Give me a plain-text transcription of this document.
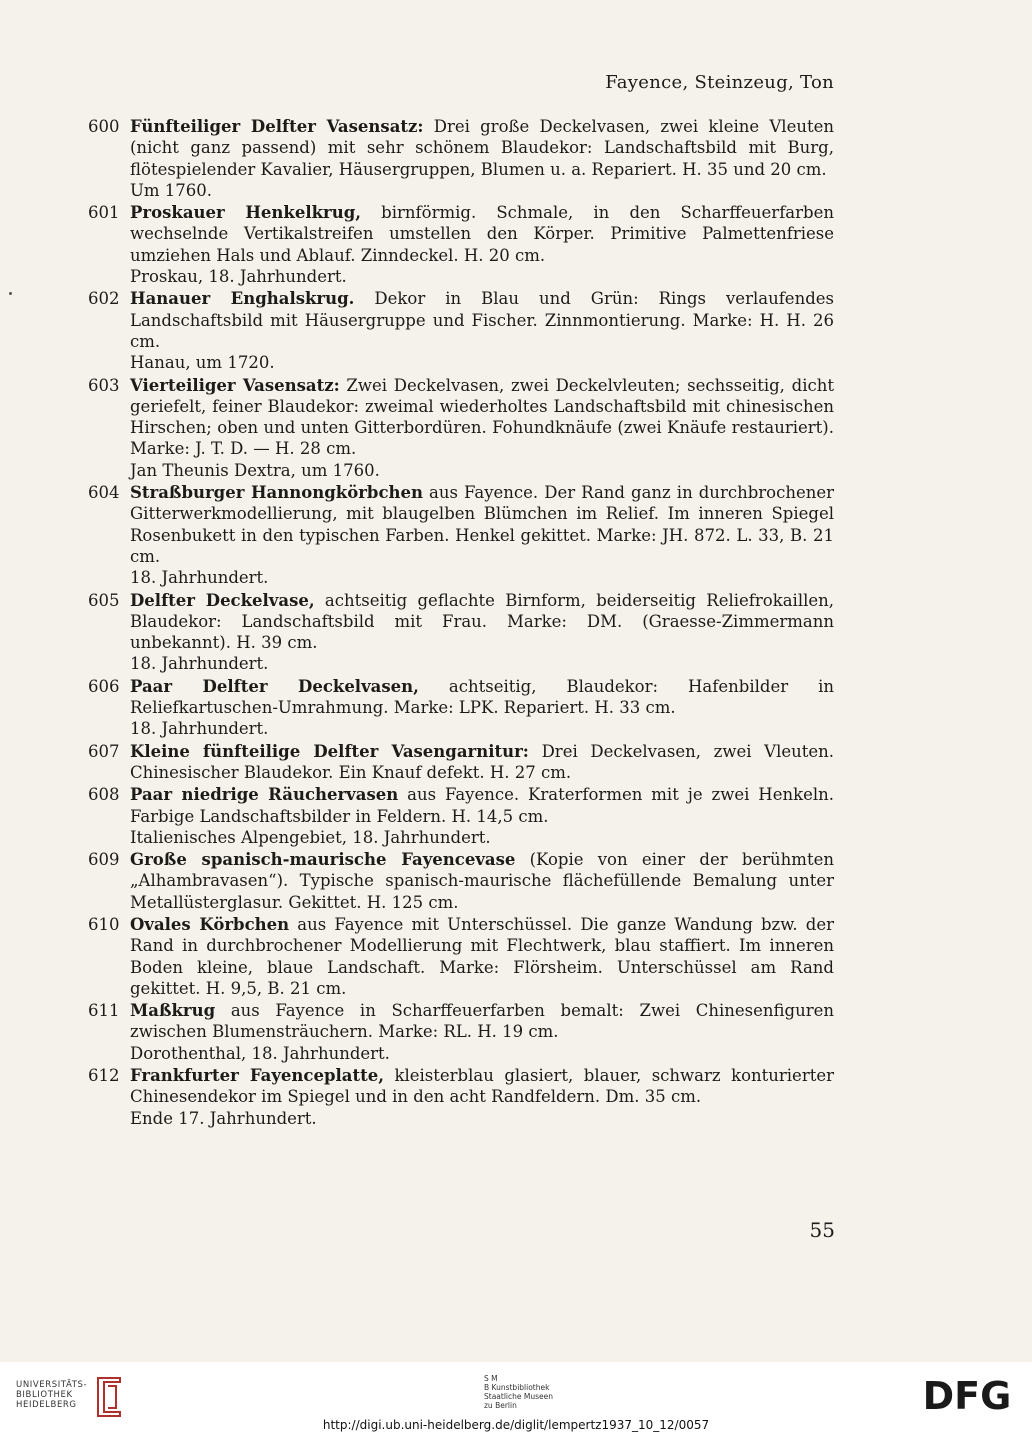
Fayence, Steinzeug, Ton
600 Fünfteiliger Delfter Vasensatz: Drei große Deckelvasen, zwei kleine Vleuten (nicht ganz passend) mit sehr schönem Blaudekor: Landschaftsbild mit Burg, flötespielender Kavalier, Häusergruppen, Blumen u. a. Repariert. H. 35 und 20 cm.
Um 1760.
601 Proskauer Henkelkrug, birnförmig. Schmale, in den Scharffeuerfarben wechselnde Vertikalstreifen umstellen den Körper. Primitive Palmettenfriese umziehen Hals und Ablauf. Zinndeckel. H. 20 cm.
Proskau, 18. Jahrhundert.
602 Hanauer Enghalskrug. Dekor in Blau und Grün: Rings verlaufendes Landschaftsbild mit Häusergruppe und Fischer. Zinnmontierung. Marke: H. H. 26 cm.
Hanau, um 1720.
603 Vierteiliger Vasensatz: Zwei Deckelvasen, zwei Deckelvleuten; sechsseitig, dicht geriefelt, feiner Blaudekor: zweimal wiederholtes Landschaftsbild mit chinesischen Hirschen; oben und unten Gitterbordüren. Fohundknäufe (zwei Knäufe restauriert). Marke: J. T. D. — H. 28 cm.
Jan Theunis Dextra, um 1760.
604 Straßburger Hannongkörbchen aus Fayence. Der Rand ganz in durchbrochener Gitterwerkmodellierung, mit blaugelben Blümchen im Relief. Im inneren Spiegel Rosenbukett in den typischen Farben. Henkel gekittet. Marke: JH. 872. L. 33, B. 21 cm.
18. Jahrhundert.
605 Delfter Deckelvase, achtseitig geflachte Birnform, beiderseitig Reliefrokaillen, Blaudekor: Landschaftsbild mit Frau. Marke: DM. (Graesse-Zimmermann unbekannt). H. 39 cm.
18. Jahrhundert.
606 Paar Delfter Deckelvasen, achtseitig, Blaudekor: Hafenbilder in Reliefkartuschen-Umrahmung. Marke: LPK. Repariert. H. 33 cm.
18. Jahrhundert.
607 Kleine fünfteilige Delfter Vasengarnitur: Drei Deckelvasen, zwei Vleuten. Chinesischer Blaudekor. Ein Knauf defekt. H. 27 cm.
608 Paar niedrige Räuchervasen aus Fayence. Kraterformen mit je zwei Henkeln. Farbige Landschaftsbilder in Feldern. H. 14,5 cm.
Italienisches Alpengebiet, 18. Jahrhundert.
609 Große spanisch-maurische Fayencevase (Kopie von einer der berühmten „Alhambravasen“). Typische spanisch-maurische flächefüllende Bemalung unter Metallüsterglasur. Gekittet. H. 125 cm.
610 Ovales Körbchen aus Fayence mit Unterschüssel. Die ganze Wandung bzw. der Rand in durchbrochener Modellierung mit Flechtwerk, blau staffiert. Im inneren Boden kleine, blaue Landschaft. Marke: Flörsheim. Unterschüssel am Rand gekittet. H. 9,5, B. 21 cm.
611 Maßkrug aus Fayence in Scharffeuerfarben bemalt: Zwei Chinesenfiguren zwischen Blumensträuchern. Marke: RL. H. 19 cm.
Dorothenthal, 18. Jahrhundert.
612 Frankfurter Fayenceplatte, kleisterblau glasiert, blauer, schwarz konturierter Chinesendekor im Spiegel und in den acht Randfeldern. Dm. 35 cm.
Ende 17. Jahrhundert.
55
UNIVERSITÄTS-
BIBLIOTHEK
HEIDELBERG
S M
B Kunstbibliothek
Staatliche Museen
zu Berlin	DFG
http://digi.ub.uni-heidelberg.de/diglit/lempertz1937_10_12/0057
